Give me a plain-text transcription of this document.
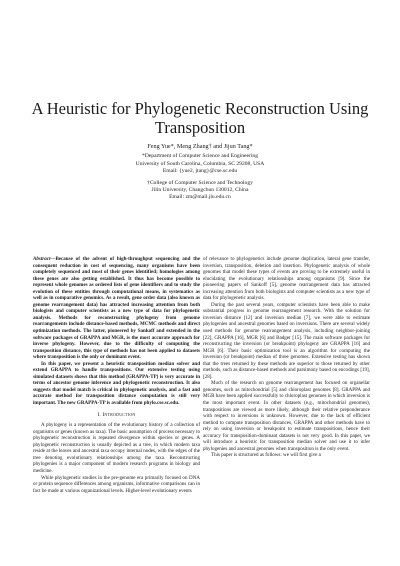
A Heuristic for Phylogenetic Reconstruction Using Transposition
Feng Yue*, Meng Zhang† and Jijun Tang*
*Department of Computer Science and Engineering
University of South Carolina, Columbia, SC 29208, USA
Email: {yue2, jtang}@cse.sc.edu
†College of Computer Science and Technology
Jilin University, Changchun 130012, China
Email: zm@mail.jlu.edu.cn

Abstract—Because of the advent of high-throughput sequencing and the consequent reduction in cost of sequencing, many organisms have been completely sequenced and most of their genes identified; homologies among these genes are also getting established. It thus has become possible to represent whole genomes as ordered lists of gene identifiers and to study the evolution of these entities through computational means, in systematics as well as in comparative genomics. As a result, gene order data (also known as genome rearrangement data) has attracted increasing attention from both biologists and computer scientists as a new type of data for phylogenetic analysis. Methods for reconstructing phylogeny from genome rearrangements include distance-based methods, MCMC methods and direct optimization methods. The latter, pioneered by Sankoff and extended in the software packages of GRAPPA and MGR, is the most accurate approach for inverse phylogeny. However, due to the difficulty of computing the transposition distance, this type of methods has not been applied to datasets where transposition is the only or dominant event.

In this paper, we present a heuristic transposition median solver and extend GRAPPA to handle transpositions. Our extensive testing using simulated datasets shows that this method (GRAPPA-TP) is very accurate in terms of ancestor genome inference and phylogenetic reconstruction. It also suggests that model match is critical in phylogenetic analysis, and a fast and accurate method for transposition distance computation is still very important. The new GRAPPA-TP is available from phylo.cse.sc.edu.

I. Introduction

A phylogeny is a representation of the evolutionary history of a collection of organisms or genes (known as taxa). The basic assumption of process necessary to phylogenetic reconstruction is repeated divergence within species or genes. A phylogenetic reconstruction is usually depicted as a tree, in which modern taxa reside at the leaves and ancestral taxa occupy internal nodes, with the edges of the tree denoting evolutionary relationships among the taxa. Reconstructing phylogenies is a major component of modern research programs in biology and medicine.

While phylogenetic studies in the pre-genome era primarily focused on DNA or protein sequence differences among organisms, informative comparisons can in fact be made at various organizational levels. Higher-level evolutionary events

of relevance to phylogenetics include genome duplication, lateral gene transfer, inversion, transposition, deletion and insertion. Phylogenetic analysis of whole genomes that model these types of events are proving to be extremely useful in elucidating the evolutionary relationships among organisms [9]. Since the pioneering papers of Sankoff [5], genome rearrangement data has attracted increasing attention from both biologists and computer scientists as a new type of data for phylogenetic analysis.

During the past several years, computer scientists have been able to make substantial progress in genome rearrangement research. With the solution for inversion distance [12] and inversion median [7], we were able to estimate phylogenies and ancestral genomes based on inversions. There are several widely used methods for genome rearrangement analysis, including neighbor-joining [22], GRAPPA [16], MGR [6] and Badger [15]. The main software packages for reconstructing the inversion (or breakpoint) phylogeny are GRAPPA [16] and MGR [6]. Their basic optimization tool is an algorithm for computing the inversion (or breakpoint) median of three genomes. Extensive testing has shown that the trees returned by these methods are superior to those returned by other methods, such as distance-based methods and parsimony based on encodings [19], [28].

Much of the research on genome rearrangement has focused on organellar genomes, such as mitochondrial [5] and chloroplast genomes [8]. GRAPPA and MGR have been applied successfully to chloroplast genomes in which inversion is the most important event. In other datasets (e.g., mitochondrial genomes), transpositions are viewed as more likely, although their relative preponderance with respect to inversions is unknown. However, due to the lack of efficient method to compute transposition distances, GRAPPA and other methods have to rely on using inversion or breakpoint to estimate transpositions, hence their accuracy for transposition-dominant datasets is not very good. In this paper, we will introduce a heuristic for transposition median solver and use it to infer phylogenies and ancestral genomes when transposition is the only event.

This paper is structured as follows: we will first give a
